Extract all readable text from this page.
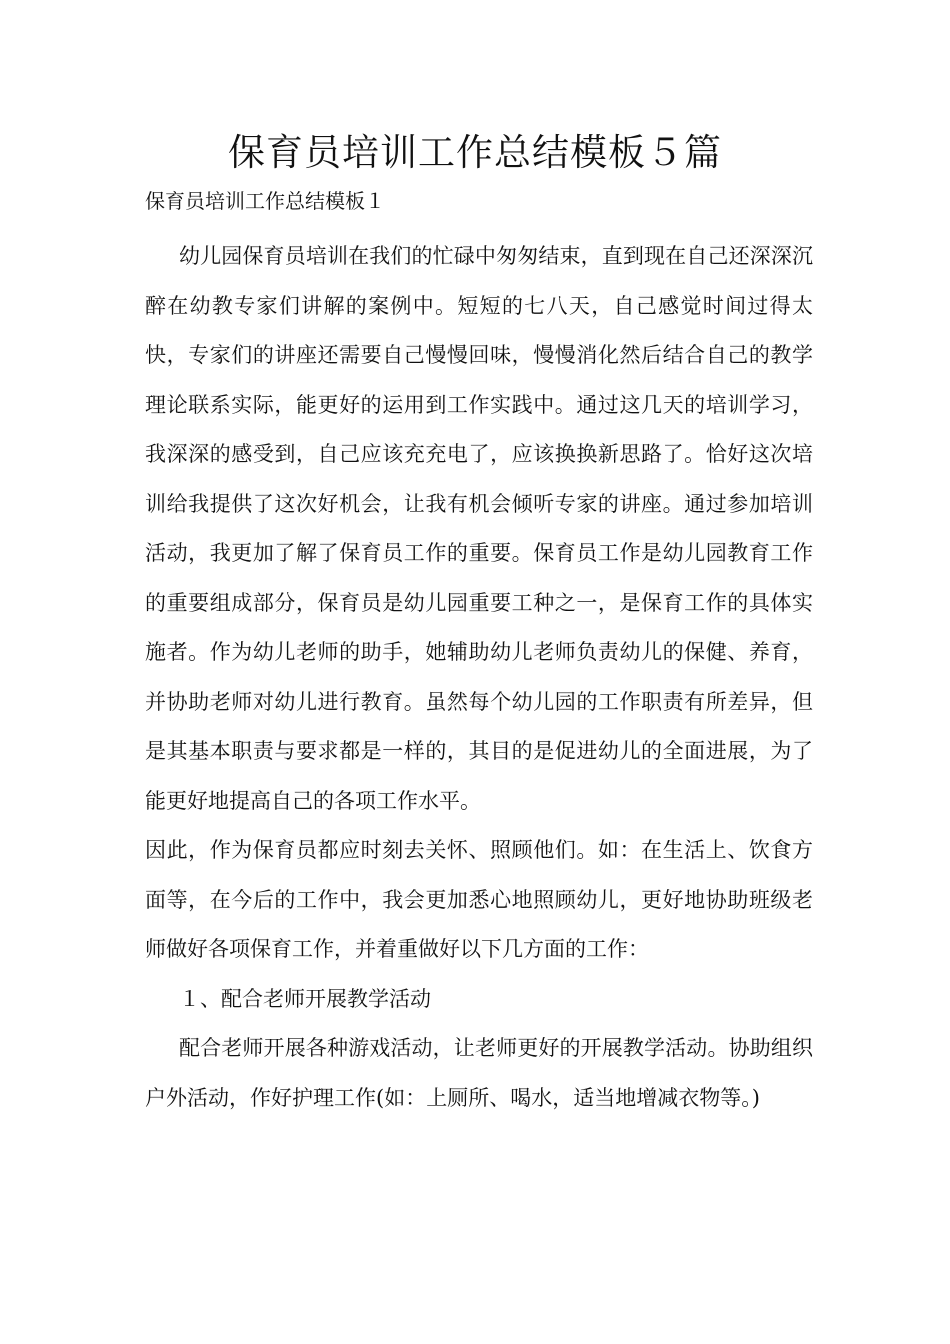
保育员培训工作总结模板５篇

保育员培训工作总结模板１

幼儿园保育员培训在我们的忙碌中匆匆结束，直到现在自己还深深沉醉在幼教专家们讲解的案例中。短短的七八天，自己感觉时间过得太快，专家们的讲座还需要自己慢慢回味，慢慢消化然后结合自己的教学理论联系实际，能更好的运用到工作实践中。通过这几天的培训学习，我深深的感受到，自己应该充充电了，应该换换新思路了。恰好这次培训给我提供了这次好机会，让我有机会倾听专家的讲座。通过参加培训活动，我更加了解了保育员工作的重要。保育员工作是幼儿园教育工作的重要组成部分，保育员是幼儿园重要工种之一，是保育工作的具体实施者。作为幼儿老师的助手，她辅助幼儿老师负责幼儿的保健、养育，并协助老师对幼儿进行教育。虽然每个幼儿园的工作职责有所差异，但是其基本职责与要求都是一样的，其目的是促进幼儿的全面进展，为了能更好地提高自己的各项工作水平。

因此，作为保育员都应时刻去关怀、照顾他们。如：在生活上、饮食方面等，在今后的工作中，我会更加悉心地照顾幼儿，更好地协助班级老师做好各项保育工作，并着重做好以下几方面的工作：

１、配合老师开展教学活动

配合老师开展各种游戏活动，让老师更好的开展教学活动。协助组织户外活动，作好护理工作(如：上厕所、喝水，适当地增减衣物等。)
